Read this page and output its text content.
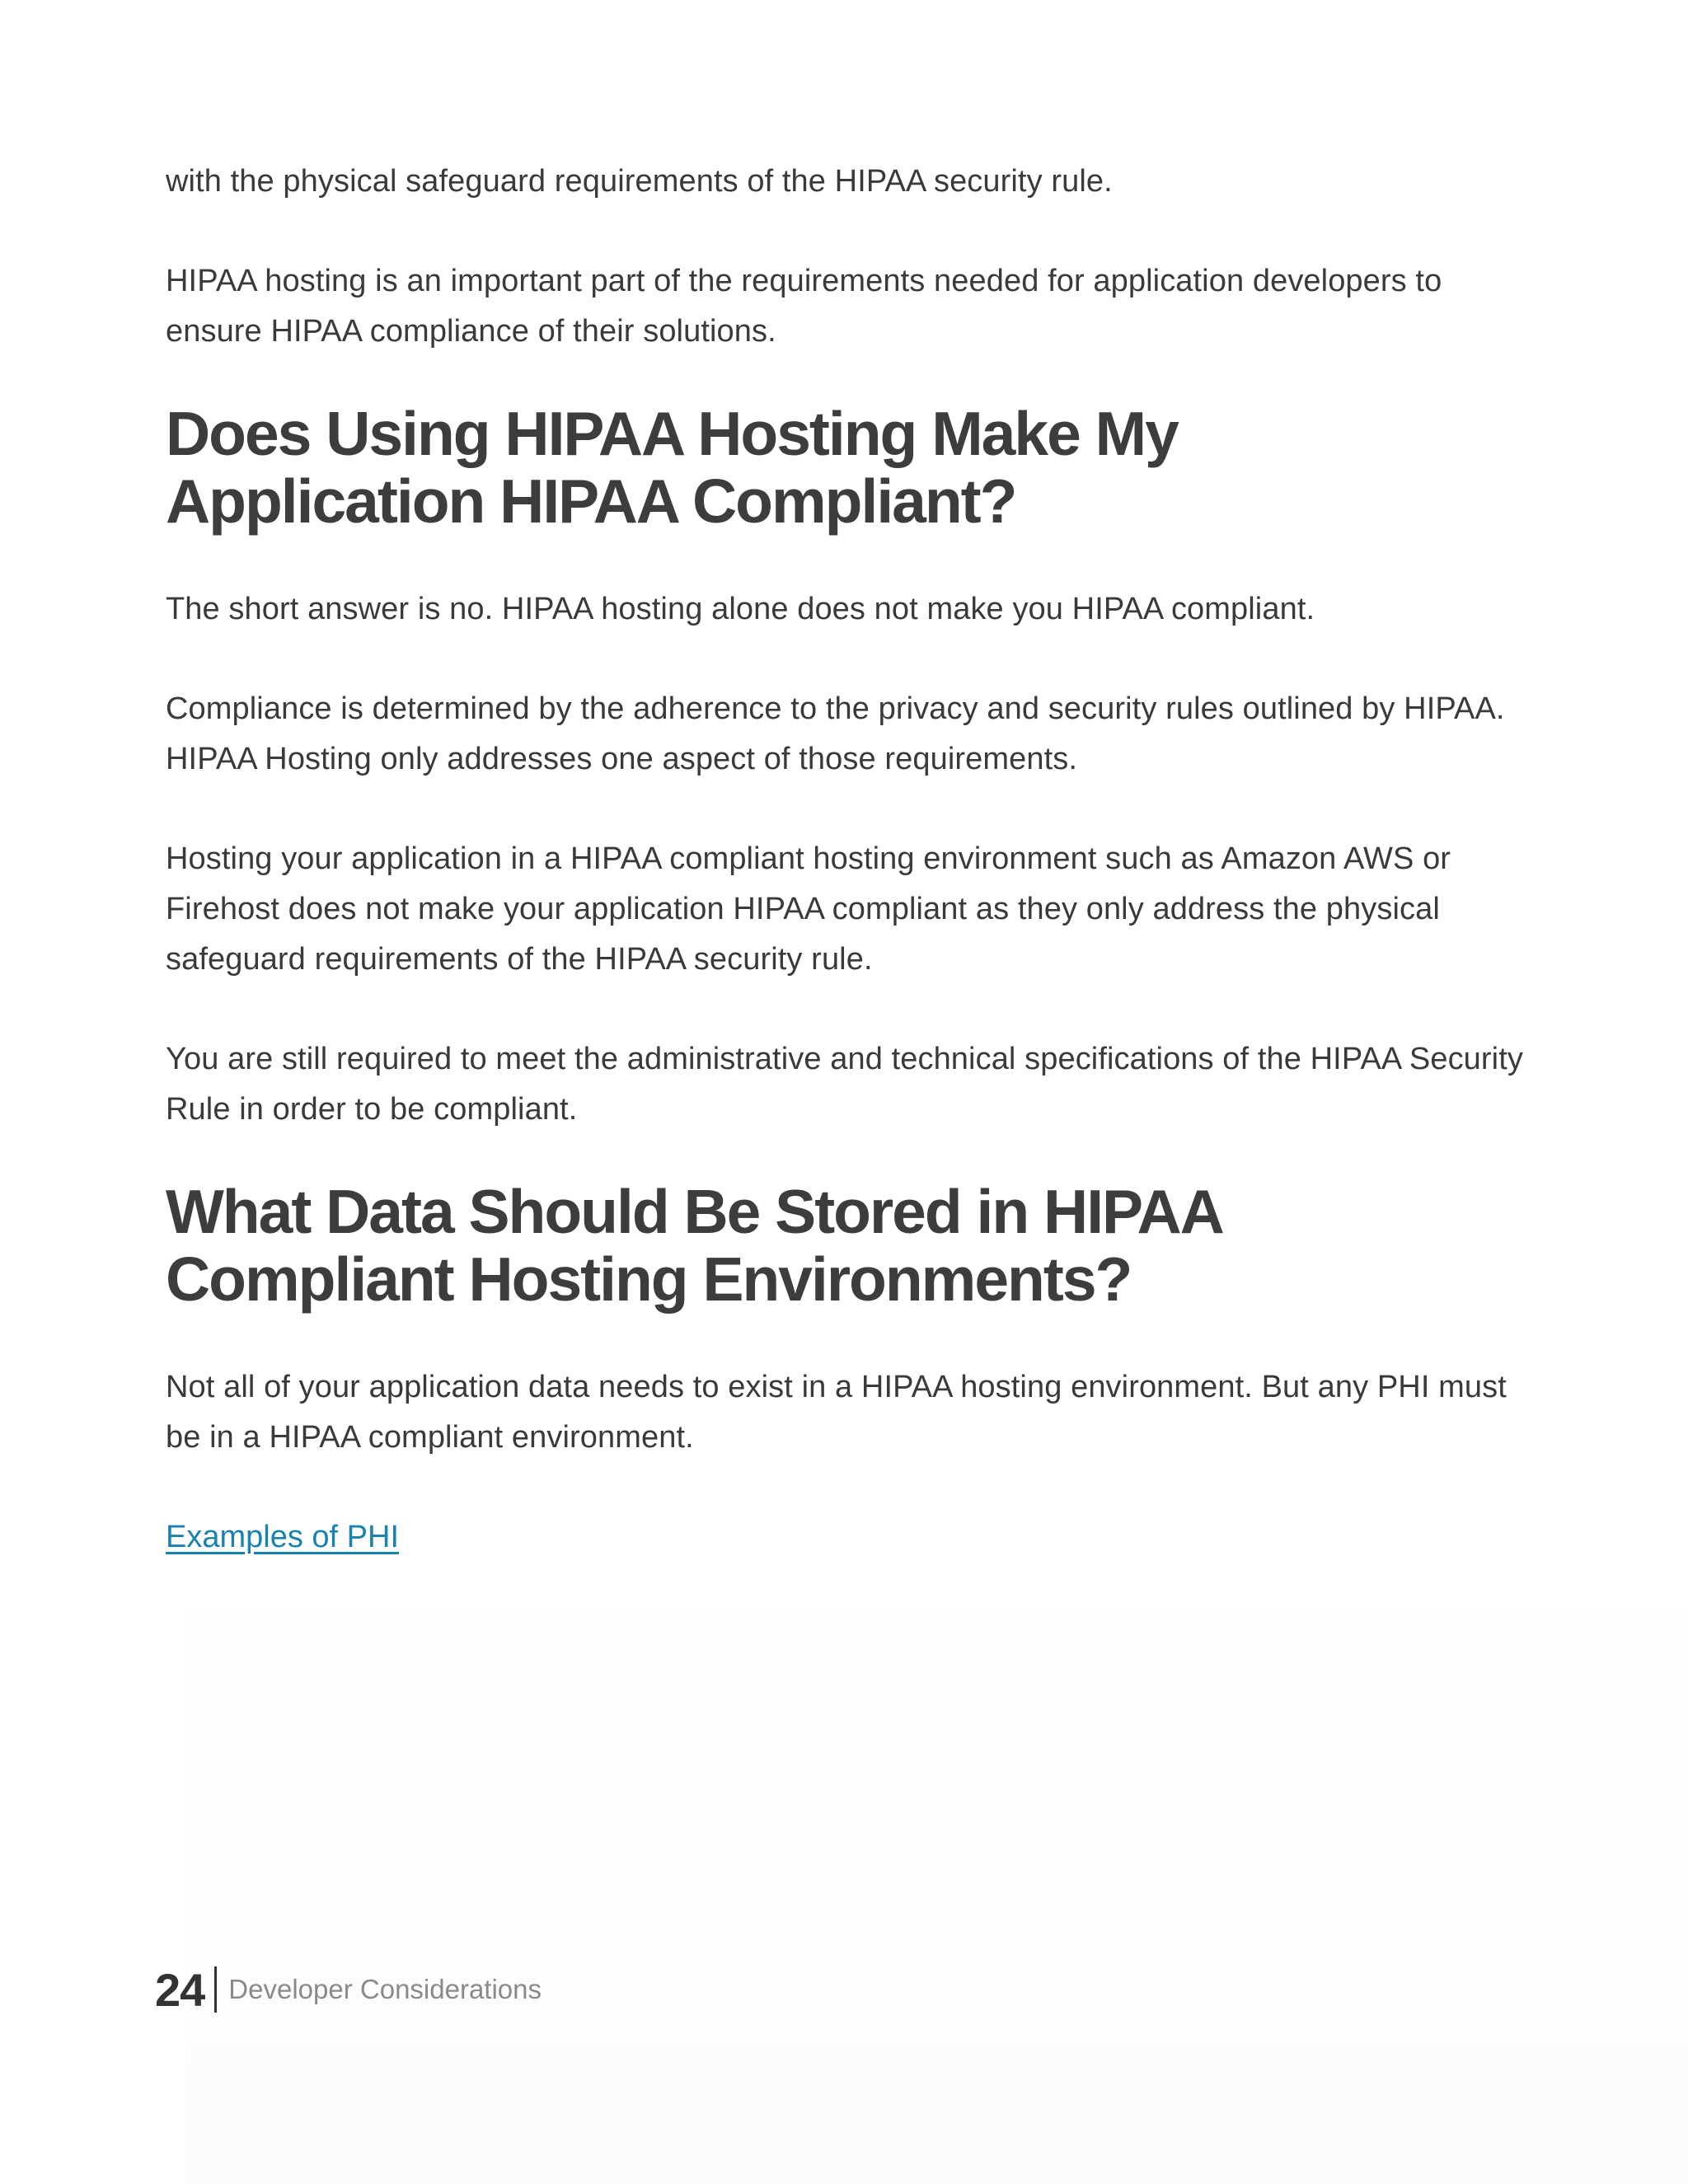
with the physical safeguard requirements of the HIPAA security rule.

HIPAA hosting is an important part of the requirements needed for application developers to ensure HIPAA compliance of their solutions.

Does Using HIPAA Hosting Make My
Application HIPAA Compliant?

The short answer is no. HIPAA hosting alone does not make you HIPAA compliant.

Compliance is determined by the adherence to the privacy and security rules outlined by HIPAA. HIPAA Hosting only addresses one aspect of those requirements.

Hosting your application in a HIPAA compliant hosting environment such as Amazon AWS or Firehost does not make your application HIPAA compliant as they only address the physical safeguard requirements of the HIPAA security rule.

You are still required to meet the administrative and technical specifications of the HIPAA Security Rule in order to be compliant.

What Data Should Be Stored in HIPAA
Compliant Hosting Environments?

Not all of your application data needs to exist in a HIPAA hosting environment. But any PHI must be in a HIPAA compliant environment.

Examples of PHI
24 Developer Considerations
